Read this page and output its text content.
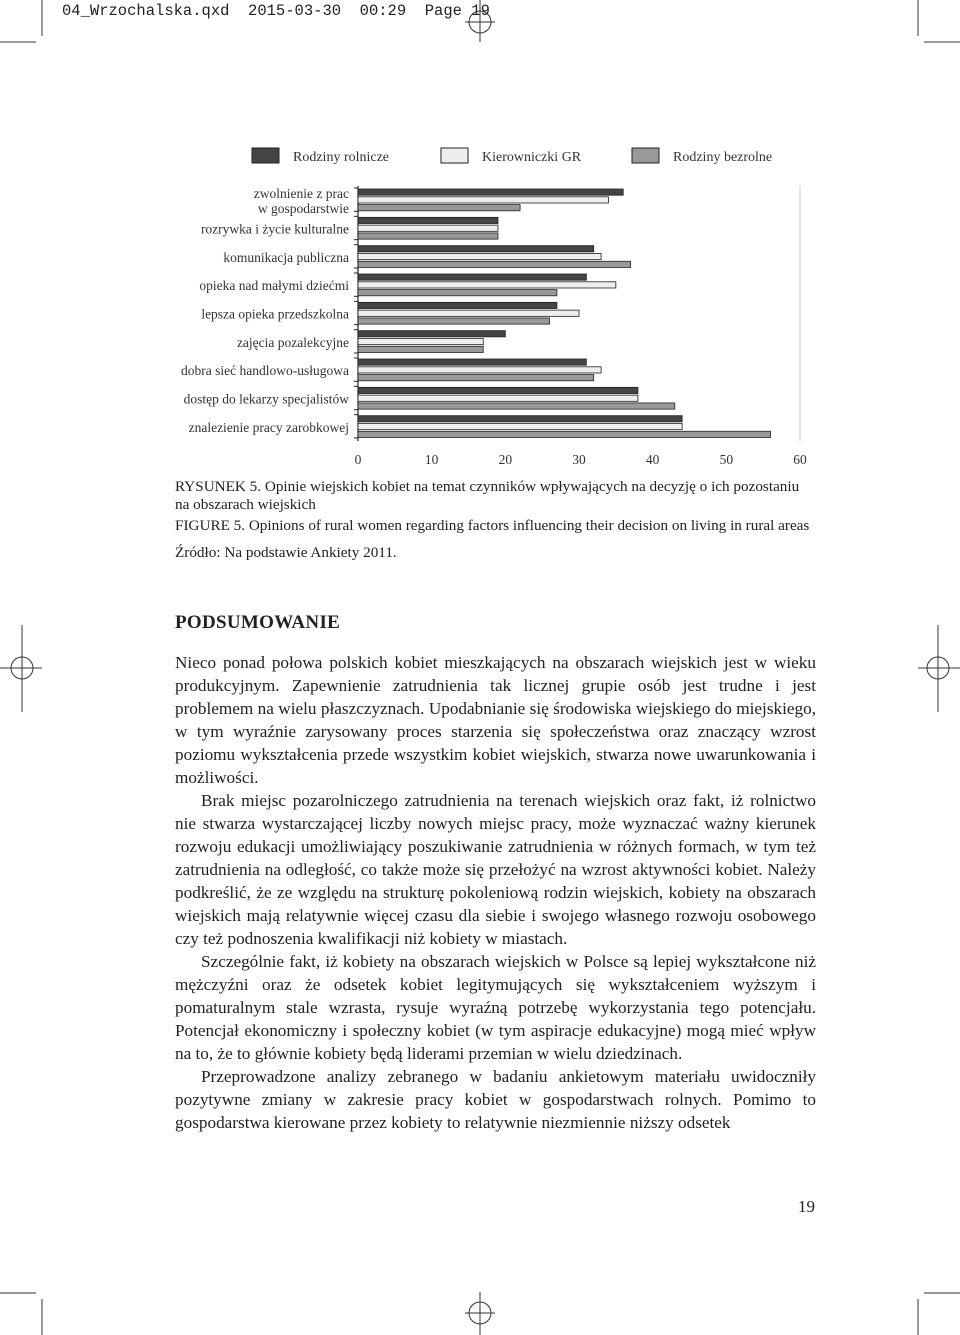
04_Wrzochalska.qxd  2015-03-30  00:29  Page 19
Rodziny rolnicze	Kierowniczki GR	Rodziny bezrolne
zwolnienie z prac
w gospodarstwie
rozrywka i życie kulturalne
komunikacja publiczna
opieka nad małymi dziećmi
lepsza opieka przedszkolna
zajęcia pozalekcyjne
dobra sieć handlowo-usługowa
dostęp do lekarzy specjalistów
znalezienie pracy zarobkowej
0	10	20	30	40	50	60
RYSUNEK 5. Opinie wiejskich kobiet na temat czynników wpływających na decyzję o ich pozostaniu na obszarach wiejskich
FIGURE 5. Opinions of rural women regarding factors influencing their decision on living in rural areas
Źródło: Na podstawie Ankiety 2011.
PODSUMOWANIE

Nieco ponad połowa polskich kobiet mieszkających na obszarach wiejskich jest w wieku produkcyjnym. Zapewnienie zatrudnienia tak licznej grupie osób jest trudne i jest problemem na wielu płaszczyznach. Upodabnianie się środowiska wiejskiego do miejskiego, w tym wyraźnie zarysowany proces starzenia się społeczeństwa oraz znaczący wzrost poziomu wykształcenia przede wszystkim kobiet wiejskich, stwarza nowe uwarunkowania i możliwości.

Brak miejsc pozarolniczego zatrudnienia na terenach wiejskich oraz fakt, iż rolnictwo nie stwarza wystarczającej liczby nowych miejsc pracy, może wyznaczać ważny kierunek rozwoju edukacji umożliwiający poszukiwanie zatrudnienia w różnych formach, w tym też zatrudnienia na odległość, co także może się przełożyć na wzrost aktywności kobiet. Należy podkreślić, że ze względu na strukturę pokoleniową rodzin wiejskich, kobiety na obszarach wiejskich mają relatywnie więcej czasu dla siebie i swojego własnego rozwoju osobowego czy też podnoszenia kwalifikacji niż kobiety w miastach.

Szczególnie fakt, iż kobiety na obszarach wiejskich w Polsce są lepiej wykształcone niż mężczyźni oraz że odsetek kobiet legitymujących się wykształceniem wyższym i pomaturalnym stale wzrasta, rysuje wyraźną potrzebę wykorzystania tego potencjału. Potencjał ekonomiczny i społeczny kobiet (w tym aspiracje edukacyjne) mogą mieć wpływ na to, że to głównie kobiety będą liderami przemian w wielu dziedzinach.

Przeprowadzone analizy zebranego w badaniu ankietowym materiału uwidoczniły pozytywne zmiany w zakresie pracy kobiet w gospodarstwach rolnych. Pomimo to gospodarstwa kierowane przez kobiety to relatywnie niezmiennie niższy odsetek

19
